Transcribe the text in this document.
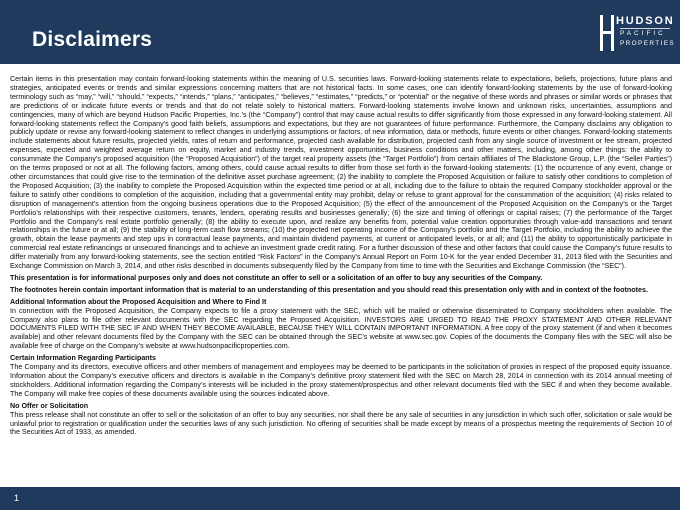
Disclaimers
HUDSON
PACIFIC
PROPERTIES

Certain items in this presentation may contain forward-looking statements within the meaning of U.S. securities laws. Forward-looking statements relate to expectations, beliefs, projections, future plans and strategies, anticipated events or trends and similar expressions concerning matters that are not historical facts. In some cases, one can identify forward-looking statements by the use of forward-looking terminology such as “may,” “will,” “should,” “expects,” “intends,” “plans,” “anticipates,” “believes,” “estimates,” “predicts,” or “potential” or the negative of these words and phrases or similar words or phrases that are predictions of or indicate future events or trends and that do not relate solely to historical matters. Forward-looking statements involve known and unknown risks, uncertainties, assumptions and contingencies, many of which are beyond Hudson Pacific Properties, Inc.’s (the “Company”) control that may cause actual results to differ significantly from those expressed in any forward-looking statement. All forward-looking statements reflect the Company’s good faith beliefs, assumptions and expectations, but they are not guarantees of future performance. Furthermore, the Company disclaims any obligation to publicly update or revise any forward-looking statement to reflect changes in underlying assumptions or factors, of new information, data or methods, future events or other changes. Forward-looking statements include statements about future results, projected yields, rates of return and performance, projected cash available for distribution, projected cash from any single source of investment or fee stream, projected expenses, expected and weighted average return on equity, market and industry trends, investment opportunities, business conditions and other matters, including, among other things: the ability to consummate the Company’s proposed acquisition (the “Proposed Acquisition”) of the target real property assets (the “Target Portfolio”) from certain affiliates of The Blackstone Group, L.P. (the “Seller Parties”) on the terms proposed or not at all. The following factors, among others, could cause actual results to differ from those set forth in the forward-looking statements: (1) the occurrence of any event, change or other circumstances that could give rise to the termination of the definitive asset purchase agreement; (2) the inability to complete the Proposed Acquisition or failure to satisfy other conditions to completion of the Proposed Acquisition; (3) the inability to complete the Proposed Acquisition within the expected time period or at all, including due to the failure to obtain the required Company stockholder approval or the failure to satisfy other conditions to completion of the acquisition, including that a governmental entity may prohibit, delay or refuse to grant approval for the consummation of the acquisition; (4) risks related to disruption of management’s attention from the ongoing business operations due to the Proposed Acquisition; (5) the effect of the announcement of the Proposed Acquisition on the Company’s or the Target Portfolio’s relationships with their respective customers, tenants, lenders, operating results and businesses generally; (6) the size and timing of offerings or capital raises; (7) the performance of the Target Portfolio and the Company’s real estate portfolio generally; (8) the ability to execute upon, and realize any benefits from, potential value creation opportunities through value-add transactions and tenant relationships in the future or at all; (9) the stability of long-term cash flow streams; (10) the projected net operating income of the Company’s portfolio and the Target Portfolio, including the ability to achieve the growth, obtain the lease payments and step ups in contractual lease payments, and maintain dividend payments, at current or anticipated levels, or at all; and (11) the ability to opportunistically participate in commercial real estate refinancings or unsecured financings and to achieve an investment grade credit rating. For a further discussion of these and other factors that could cause the Company’s future results to differ materially from any forward-looking statements, see the section entitled “Risk Factors” in the Company’s Annual Report on Form 10-K for the year ended December 31, 2013 filed with the Securities and Exchange Commission on March 3, 2014, and other risks described in documents subsequently filed by the Company from time to time with the Securities and Exchange Commission (the “SEC”).

This presentation is for informational purposes only and does not constitute an offer to sell or a solicitation of an offer to buy any securities of the Company.

The footnotes herein contain important information that is material to an understanding of this presentation and you should read this presentation only with and in context of the footnotes.

Additional Information about the Proposed Acquisition and Where to Find It

In connection with the Proposed Acquisition, the Company expects to file a proxy statement with the SEC, which will be mailed or otherwise disseminated to Company stockholders when available. The Company also plans to file other relevant documents with the SEC regarding the Proposed Acquisition. INVESTORS ARE URGED TO READ THE PROXY STATEMENT AND OTHER RELEVANT DOCUMENTS FILED WITH THE SEC IF AND WHEN THEY BECOME AVAILABLE, BECAUSE THEY WILL CONTAIN IMPORTANT INFORMATION. A free copy of the proxy statement (if and when it becomes available) and other relevant documents filed by the Company with the SEC can be obtained through the SEC’s website at www.sec.gov. Copies of the documents the Company files with the SEC will also be available free of charge on the Company’s website at www.hudsonpacificproperties.com.

Certain Information Regarding Participants

The Company and its directors, executive officers and other members of management and employees may be deemed to be participants in the solicitation of proxies in respect of the proposed equity issuance. Information about the Company’s executive officers and directors is available in the Company’s definitive proxy statement filed with the SEC on March 28, 2014 in connection with its 2014 annual meeting of stockholders. Additional information regarding the Company’s interests will be included in the proxy statement/prospectus and other relevant documents filed with the SEC if and when they become available. The Company will make free copies of these documents available using the sources indicated above.

No Offer or Solicitation

This press release shall not constitute an offer to sell or the solicitation of an offer to buy any securities, nor shall there be any sale of securities in any jurisdiction in which such offer, solicitation or sale would be unlawful prior to registration or qualification under the securities laws of any such jurisdiction. No offering of securities shall be made except by means of a prospectus meeting the requirements of Section 10 of the Securities Act of 1933, as amended.

1
